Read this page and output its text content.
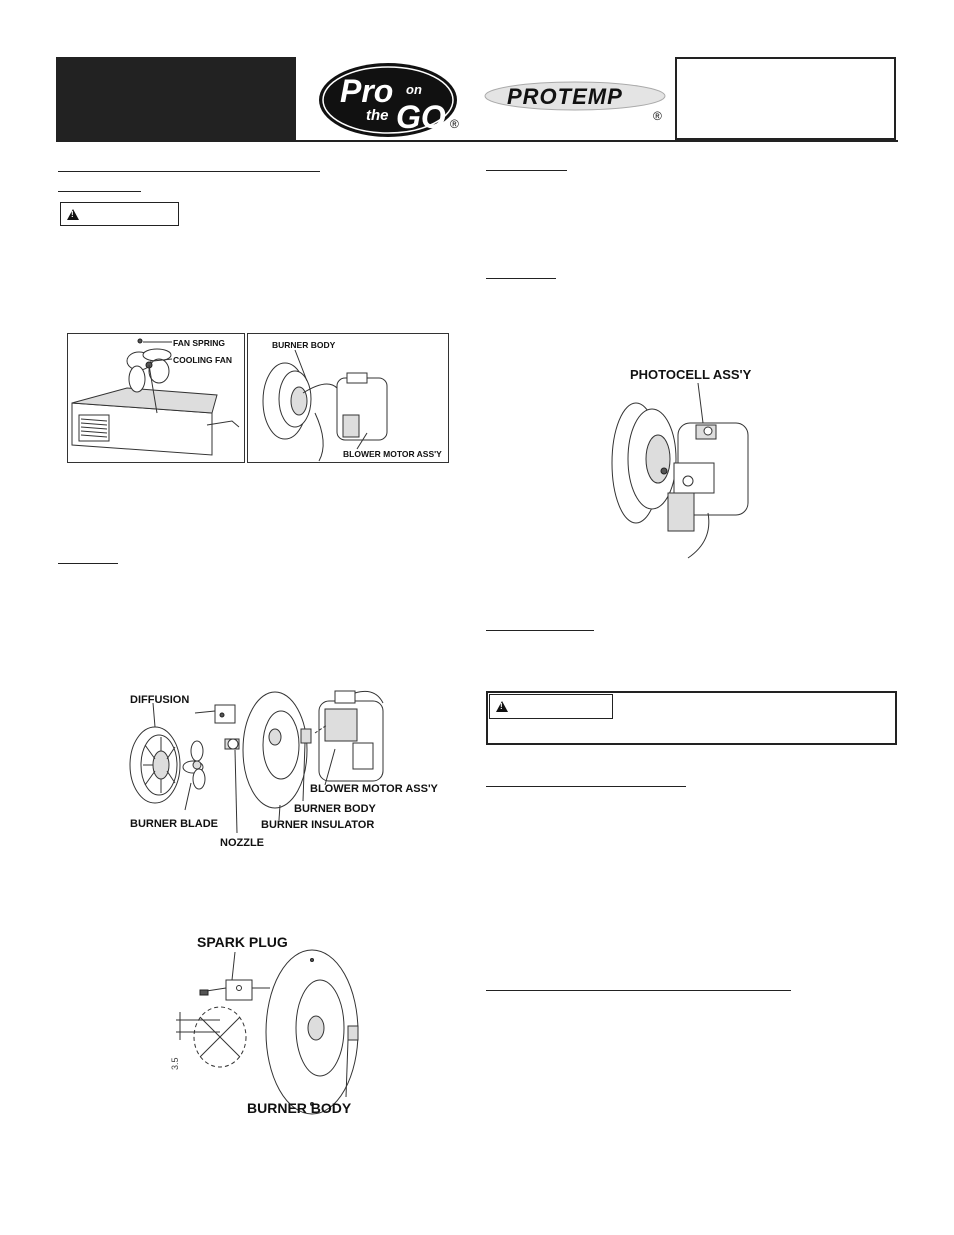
Pro on
the GO ®
PROTEMP
®
!
FAN SPRING
COOLING FAN
BURNER BODY
BLOWER MOTOR ASS'Y
DIFFUSION
BLOWER MOTOR ASS'Y
BURNER BODY
BURNER INSULATOR
BURNER BLADE
NOZZLE
SPARK PLUG
3.5
BURNER BODY
PHOTOCELL ASS'Y
!
